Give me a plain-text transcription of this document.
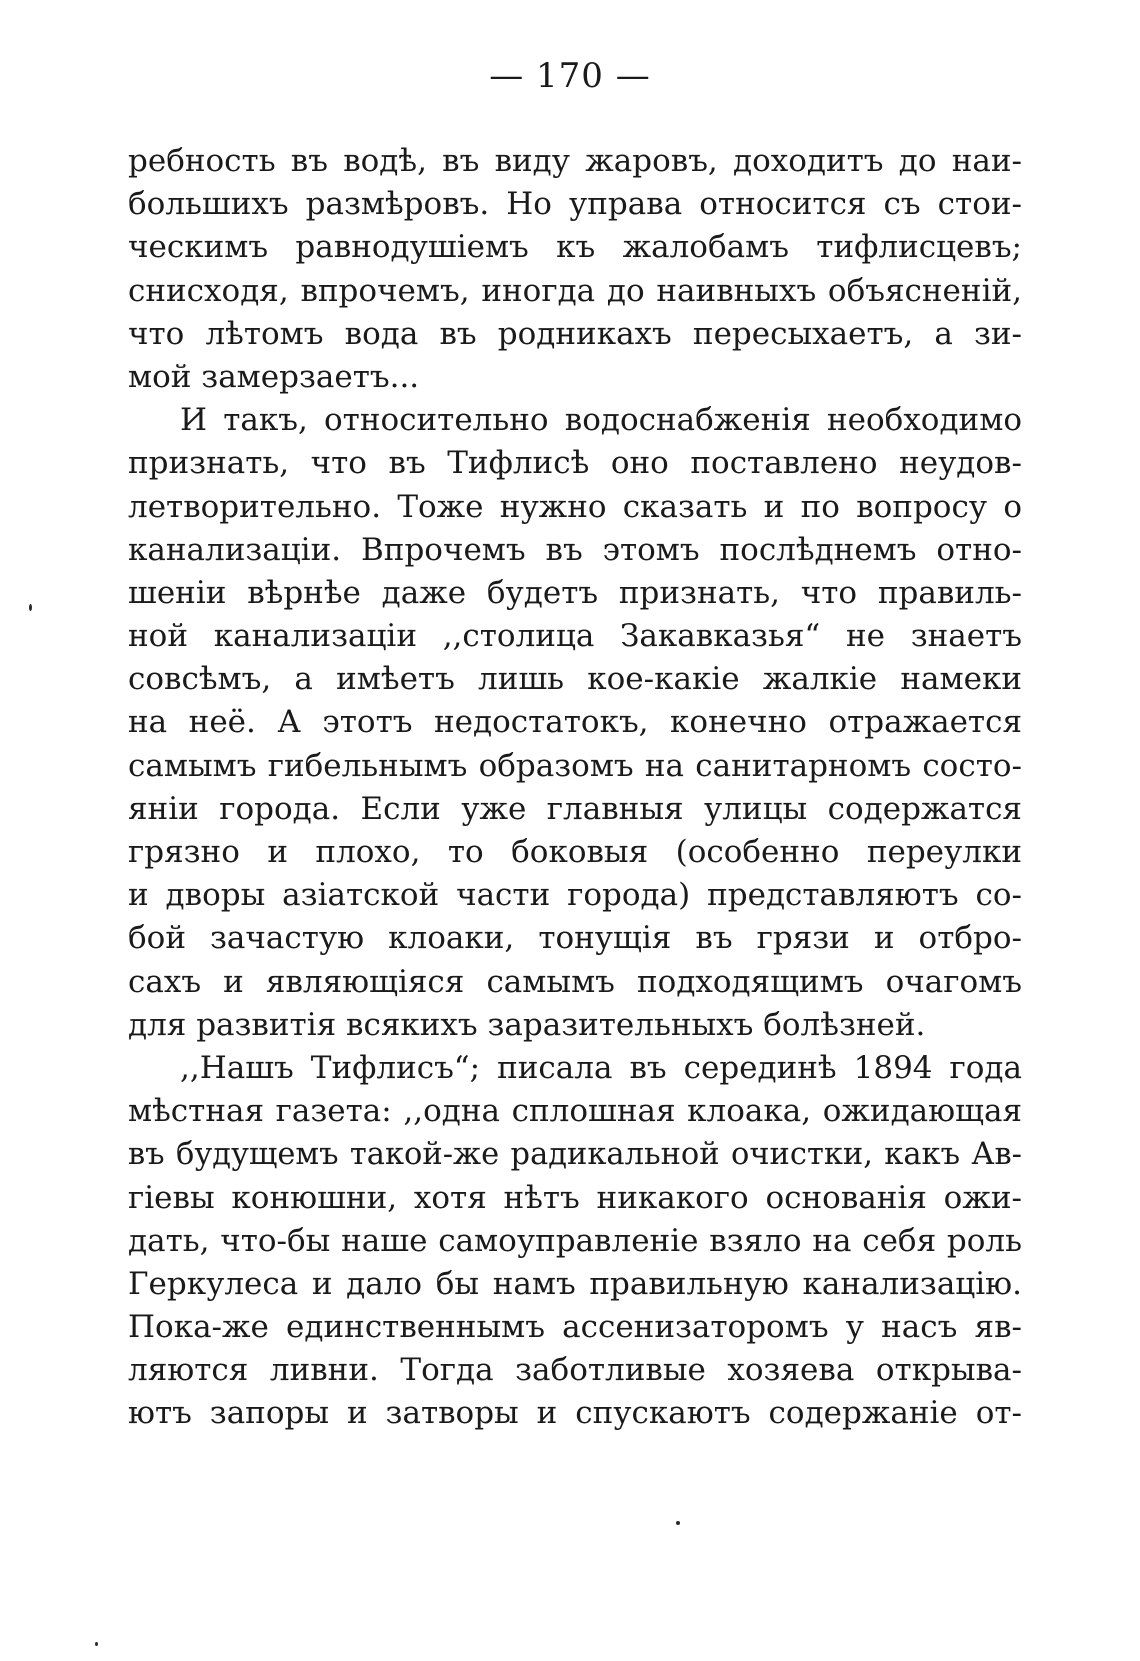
— 170 —
ребность въ водѣ, въ виду жаровъ, доходитъ до наи-
большихъ размѣровъ. Но управа относится съ стои-
ческимъ равнодушіемъ къ жалобамъ тифлисцевъ;
снисходя, впрочемъ, иногда до наивныхъ объясненій,
что лѣтомъ вода въ родникахъ пересыхаетъ, а зи-
мой замерзаетъ...
И такъ, относительно водоснабженія необходимо
признать, что въ Тифлисѣ оно поставлено неудов-
летворительно. Тоже нужно сказать и по вопросу о
канализаціи. Впрочемъ въ этомъ послѣднемъ отно-
шеніи вѣрнѣе даже будетъ признать, что правиль-
ной канализаціи ,,столица Закавказья“ не знаетъ
совсѣмъ, а имѣетъ лишь кое-какіе жалкіе намеки
на неё. А этотъ недостатокъ, конечно отражается
самымъ гибельнымъ образомъ на санитарномъ состо-
яніи города. Если уже главныя улицы содержатся
грязно и плохо, то боковыя (особенно переулки
и дворы азіатской части города) представляютъ со-
бой зачастую клоаки, тонущія въ грязи и отбро-
сахъ и являющіяся самымъ подходящимъ очагомъ
для развитія всякихъ заразительныхъ болѣзней.
,,Нашъ Тифлисъ“; писала въ серединѣ 1894 года
мѣстная газета: ,,одна сплошная клоака, ожидающая
въ будущемъ такой-же радикальной очистки, какъ Ав-
гіевы конюшни, хотя нѣтъ никакого основанія ожи-
дать, что-бы наше самоуправленіе взяло на себя роль
Геркулеса и дало бы намъ правильную канализацію.
Пока-же единственнымъ ассенизаторомъ у насъ яв-
ляются ливни. Тогда заботливые хозяева открыва-
ютъ запоры и затворы и спускаютъ содержаніе от-
